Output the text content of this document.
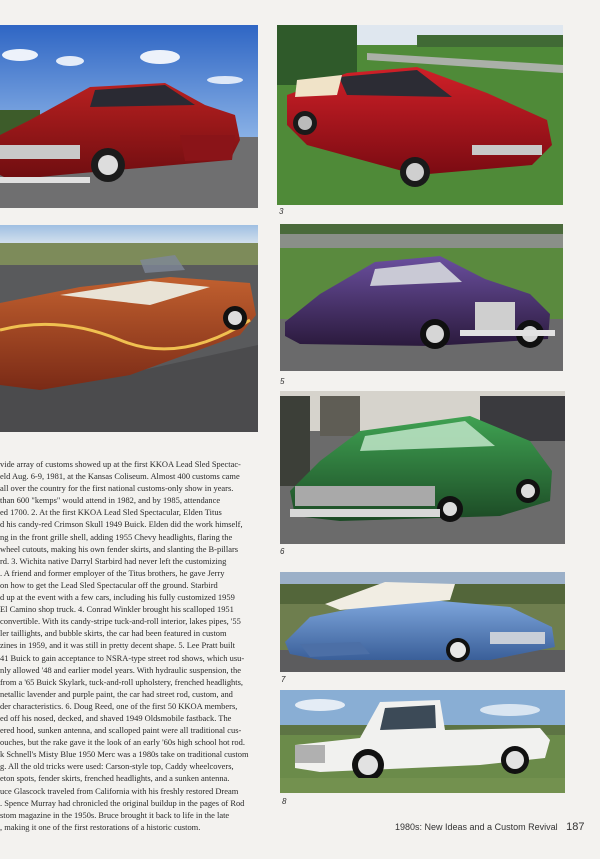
3
5
6
7
8
vide array of customs showed up at the first KKOA Lead Sled Spectac-
eld Aug. 6-9, 1981, at the Kansas Coliseum. Almost 400 customs came
all over the country for the first national customs-only show in years.
than 600 "kemps" would attend in 1982, and by 1985, attendance
ed 1700. 2. At the first KKOA Lead Sled Spectacular, Elden Titus
d his candy-red Crimson Skull 1949 Buick. Elden did the work himself,
ng in the front grille shell, adding 1955 Chevy headlights, flaring the
wheel cutouts, making his own fender skirts, and slanting the B-pillars
rd. 3. Wichita native Darryl Starbird had never left the customizing
. A friend and former employer of the Titus brothers, he gave Jerry
on how to get the Lead Sled Spectacular off the ground. Starbird
d up at the event with a few cars, including his fully customized 1959
El Camino shop truck. 4. Conrad Winkler brought his scalloped 1951
convertible. With its candy-stripe tuck-and-roll interior, lakes pipes, '55
ler taillights, and bubble skirts, the car had been featured in custom
zines in 1959, and it was still in pretty decent shape. 5. Lee Pratt built
41 Buick to gain acceptance to NSRA-type street rod shows, which usu-
nly allowed '48 and earlier model years. With hydraulic suspension, the
from a '65 Buick Skylark, tuck-and-roll upholstery, frenched headlights,
netallic lavender and purple paint, the car had street rod, custom, and
der characteristics. 6. Doug Reed, one of the first 50 KKOA members,
ed off his nosed, decked, and shaved 1949 Oldsmobile fastback. The
ered hood, sunken antenna, and scalloped paint were all traditional cus-
ouches, but the rake gave it the look of an early '60s high school hot rod.
k Schnell's Misty Blue 1950 Merc was a 1980s take on traditional custom
g. All the old tricks were used: Carson-style top, Caddy wheelcovers,
eton spots, fender skirts, frenched headlights, and a sunken antenna.
uce Glascock traveled from California with his freshly restored Dream
. Spence Murray had chronicled the original buildup in the pages of Rod
stom magazine in the 1950s. Bruce brought it back to life in the late
, making it one of the first restorations of a historic custom.	1980s: New Ideas and a Custom Revival 187
